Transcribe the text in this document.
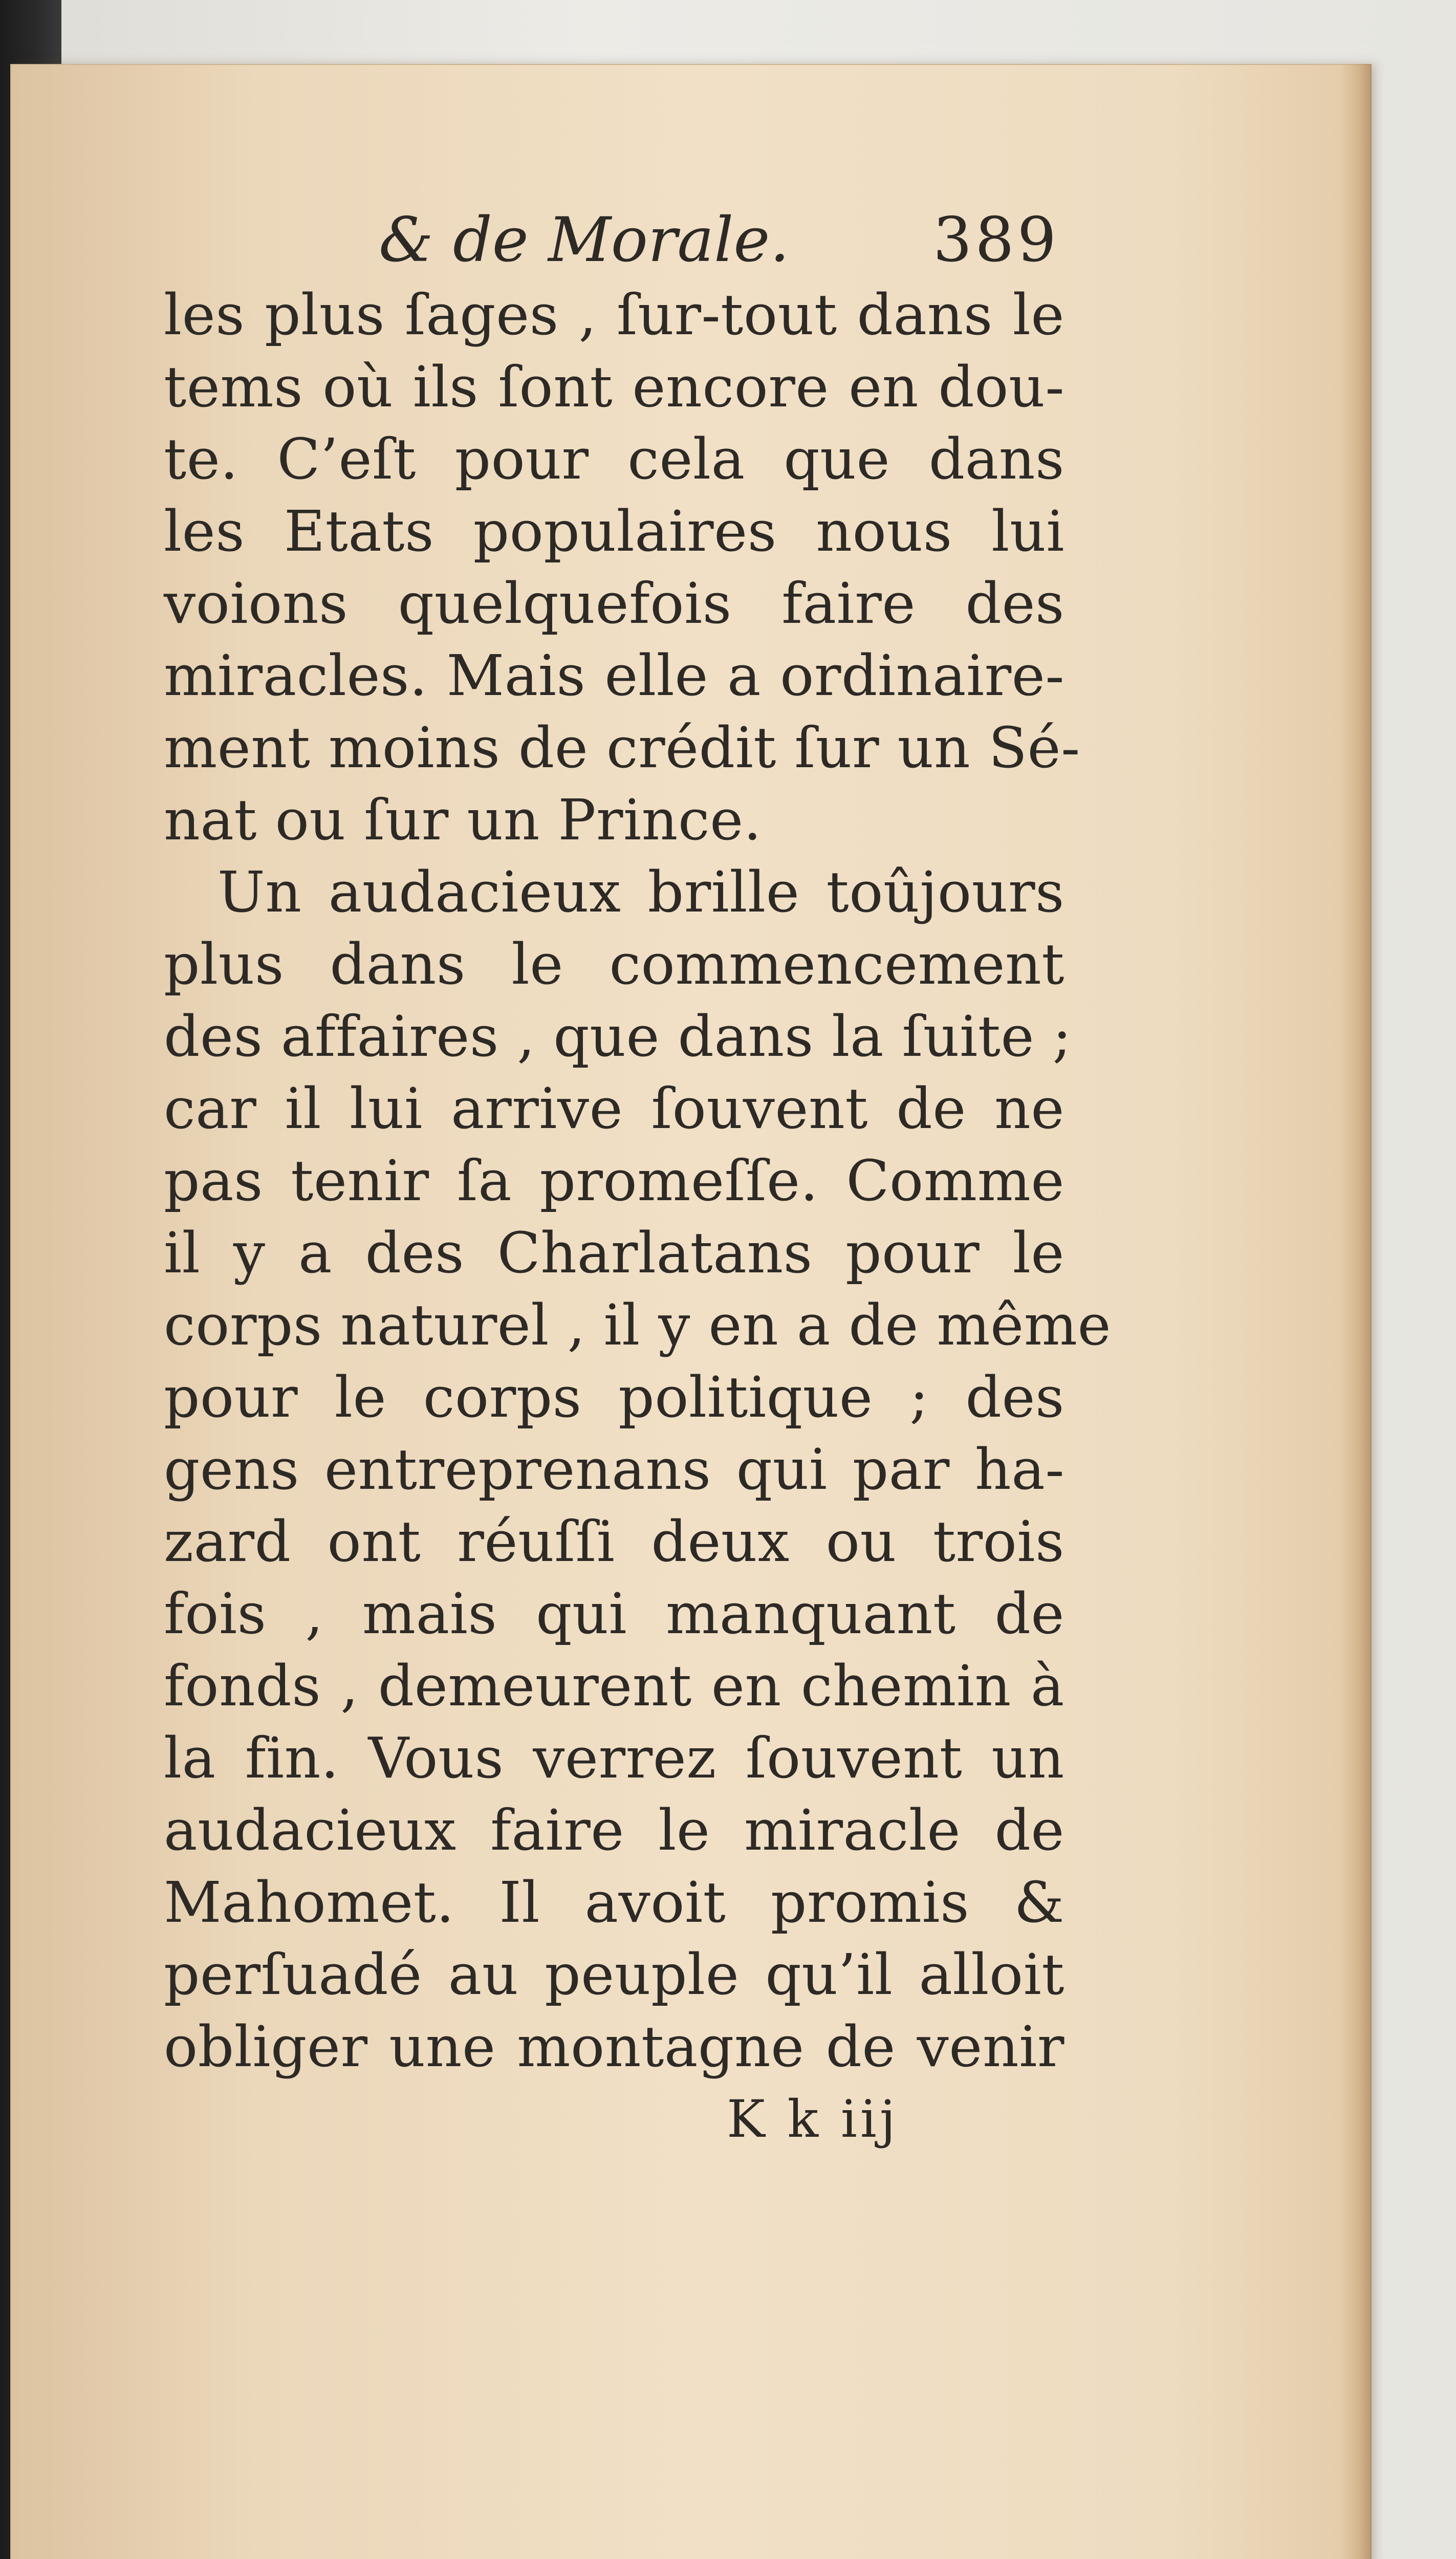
& de Morale. 389
les plus ſages , ſur-tout dans le
tems où ils ſont encore en dou-
te. C’eſt pour cela que dans
les Etats populaires nous lui
voions quelquefois faire des
miracles. Mais elle a ordinaire-
ment moins de crédit ſur un Sé-
nat ou ſur un Prince.
Un audacieux brille toûjours
plus dans le commencement
des affaires , que dans la ſuite ;
car il lui arrive ſouvent de ne
pas tenir ſa promeſſe. Comme
il y a des Charlatans pour le
corps naturel , il y en a de même
pour le corps politique ; des
gens entreprenans qui par ha-
zard ont réuſſi deux ou trois
fois , mais qui manquant de
fonds , demeurent en chemin à
la fin. Vous verrez ſouvent un
audacieux faire le miracle de
Mahomet. Il avoit promis &
perſuadé au peuple qu’il alloit
obliger une montagne de venir
K k iij
